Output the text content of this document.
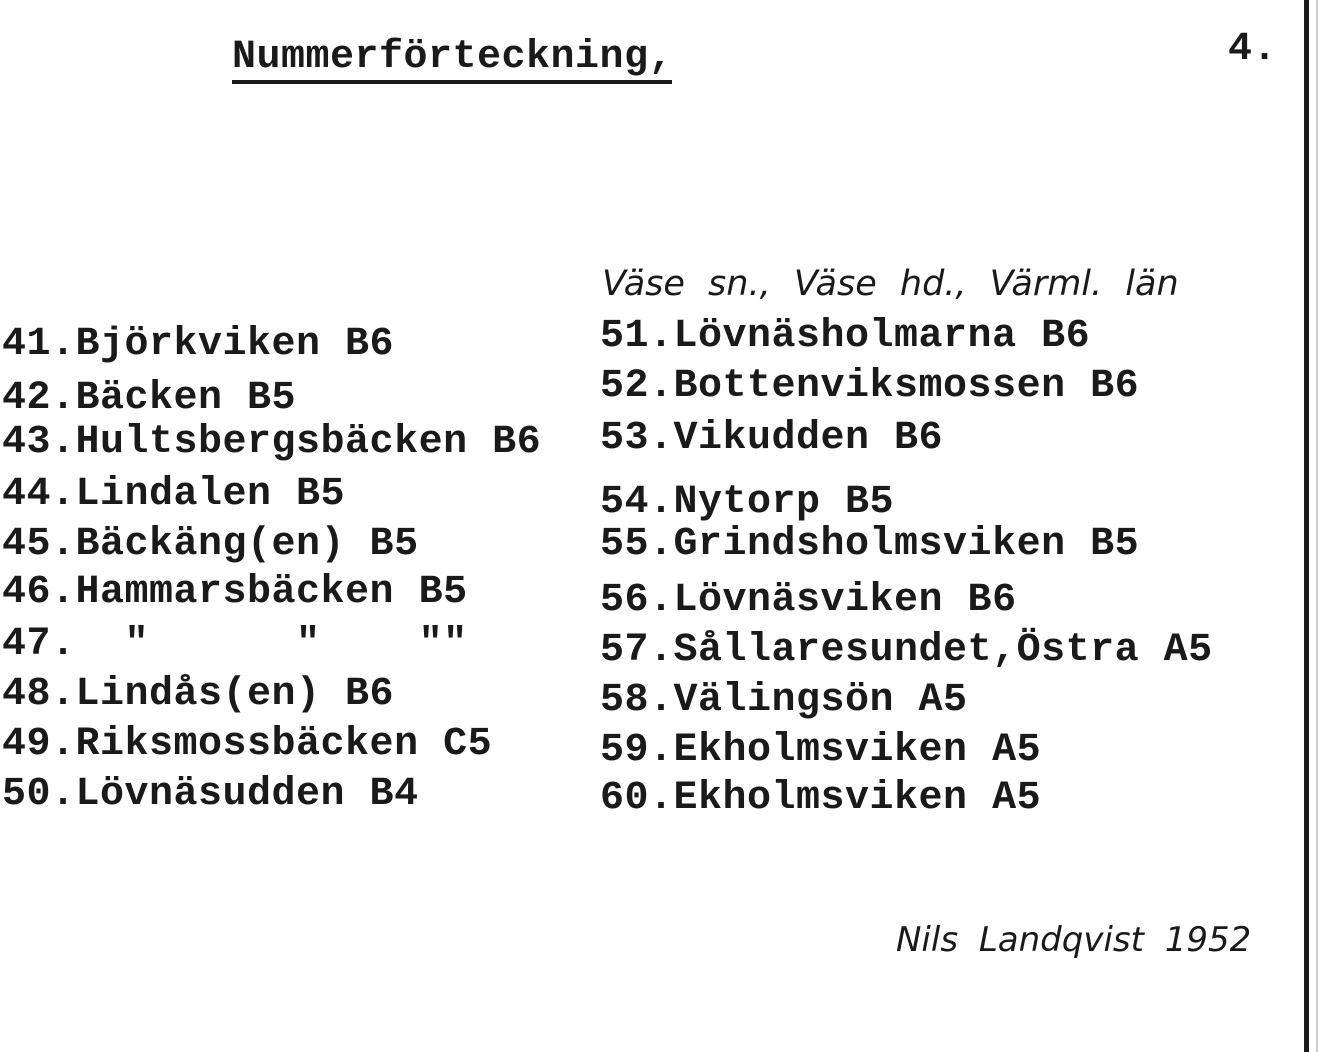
Nummerförteckning,	4.
Väse sn., Väse hd., Värml. län
41.Björkviken B6
42.Bäcken B5
43.Hultsbergsbäcken B6
44.Lindalen B5
45.Bäckäng(en) B5
46.Hammarsbäcken B5
47.  "      "    ""
48.Lindås(en) B6
49.Riksmossbäcken C5
50.Lövnäsudden B4
51.Lövnäsholmarna B6
52.Bottenviksmossen B6
53.Vikudden B6
54.Nytorp B5
55.Grindsholmsviken B5
56.Lövnäsviken B6
57.Sållaresundet,Östra A5
58.Välingsön A5
59.Ekholmsviken A5
60.Ekholmsviken A5
Nils Landqvist 1952
